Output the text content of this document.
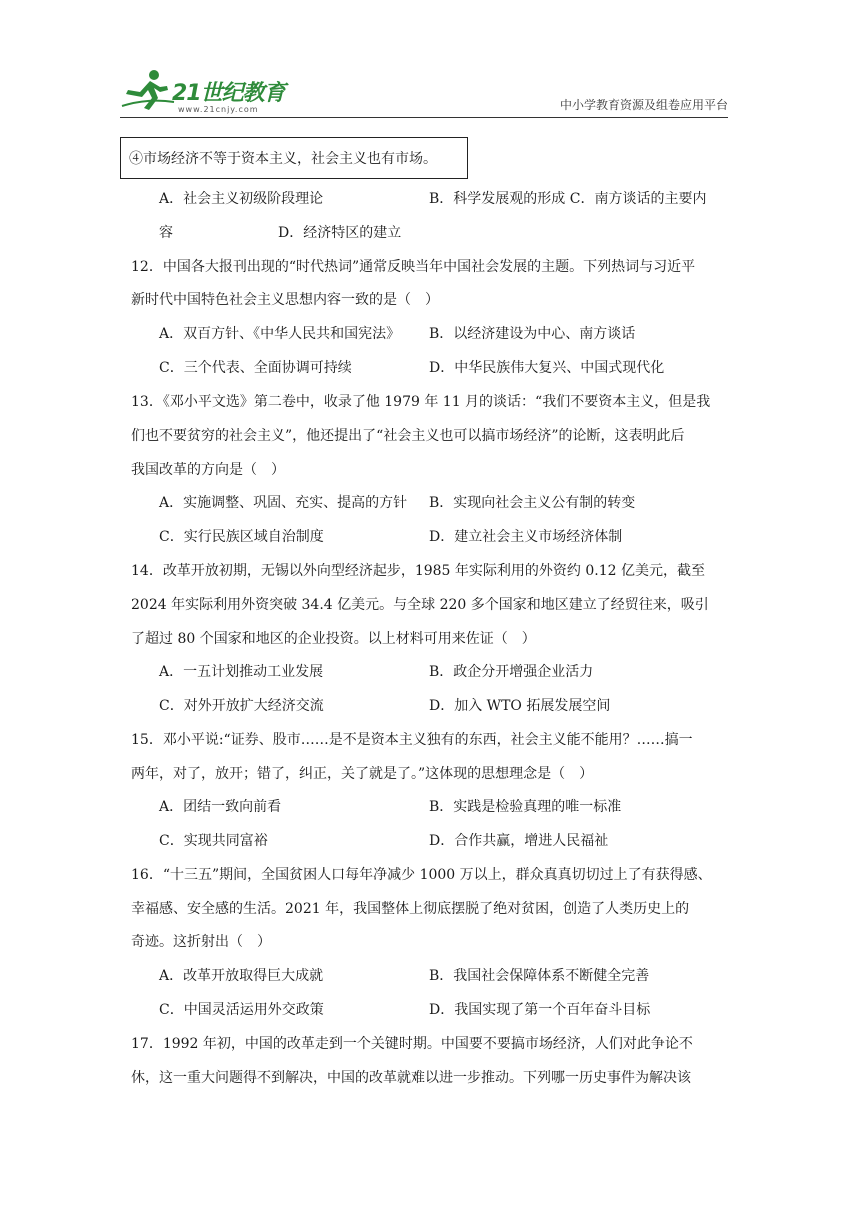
21世纪教育
www.21cnjy.com	中小学教育资源及组卷应用平台
④市场经济不等于资本主义，社会主义也有市场。
A．社会主义初级阶段理论	B．科学发展观的形成 C．南方谈话的主要内
容	D．经济特区的建立
12．中国各大报刊出现的“时代热词”通常反映当年中国社会发展的主题。下列热词与习近平
新时代中国特色社会主义思想内容一致的是（　）
A．双百方针、《中华人民共和国宪法》 B．以经济建设为中心、南方谈话
C．三个代表、全面协调可持续	D．中华民族伟大复兴、中国式现代化
13．《邓小平文选》第二卷中，收录了他 1979 年 11 月的谈话：“我们不要资本主义，但是我
们也不要贫穷的社会主义”，他还提出了“社会主义也可以搞市场经济”的论断，这表明此后
我国改革的方向是（　）
A．实施调整、巩固、充实、提高的方针 B．实现向社会主义公有制的转变
C．实行民族区域自治制度	D．建立社会主义市场经济体制
14．改革开放初期，无锡以外向型经济起步，1985 年实际利用的外资约 0.12 亿美元，截至
2024 年实际利用外资突破 34.4 亿美元。与全球 220 多个国家和地区建立了经贸往来，吸引
了超过 80 个国家和地区的企业投资。以上材料可用来佐证（　）
A．一五计划推动工业发展	B．政企分开增强企业活力
C．对外开放扩大经济交流	D．加入 WTO 拓展发展空间
15．邓小平说:“证券、股市……是不是资本主义独有的东西，社会主义能不能用？……搞一
两年，对了，放开；错了，纠正，关了就是了。”这体现的思想理念是（　）
A．团结一致向前看	B．实践是检验真理的唯一标准
C．实现共同富裕	D．合作共赢，增进人民福祉
16．“十三五”期间，全国贫困人口每年净减少 1000 万以上，群众真真切切过上了有获得感、
幸福感、安全感的生活。2021 年，我国整体上彻底摆脱了绝对贫困，创造了人类历史上的
奇迹。这折射出（　）
A．改革开放取得巨大成就	B．我国社会保障体系不断健全完善
C．中国灵活运用外交政策	D．我国实现了第一个百年奋斗目标
17．1992 年初，中国的改革走到一个关键时期。中国要不要搞市场经济，人们对此争论不
休，这一重大问题得不到解决，中国的改革就难以进一步推动。下列哪一历史事件为解决该
